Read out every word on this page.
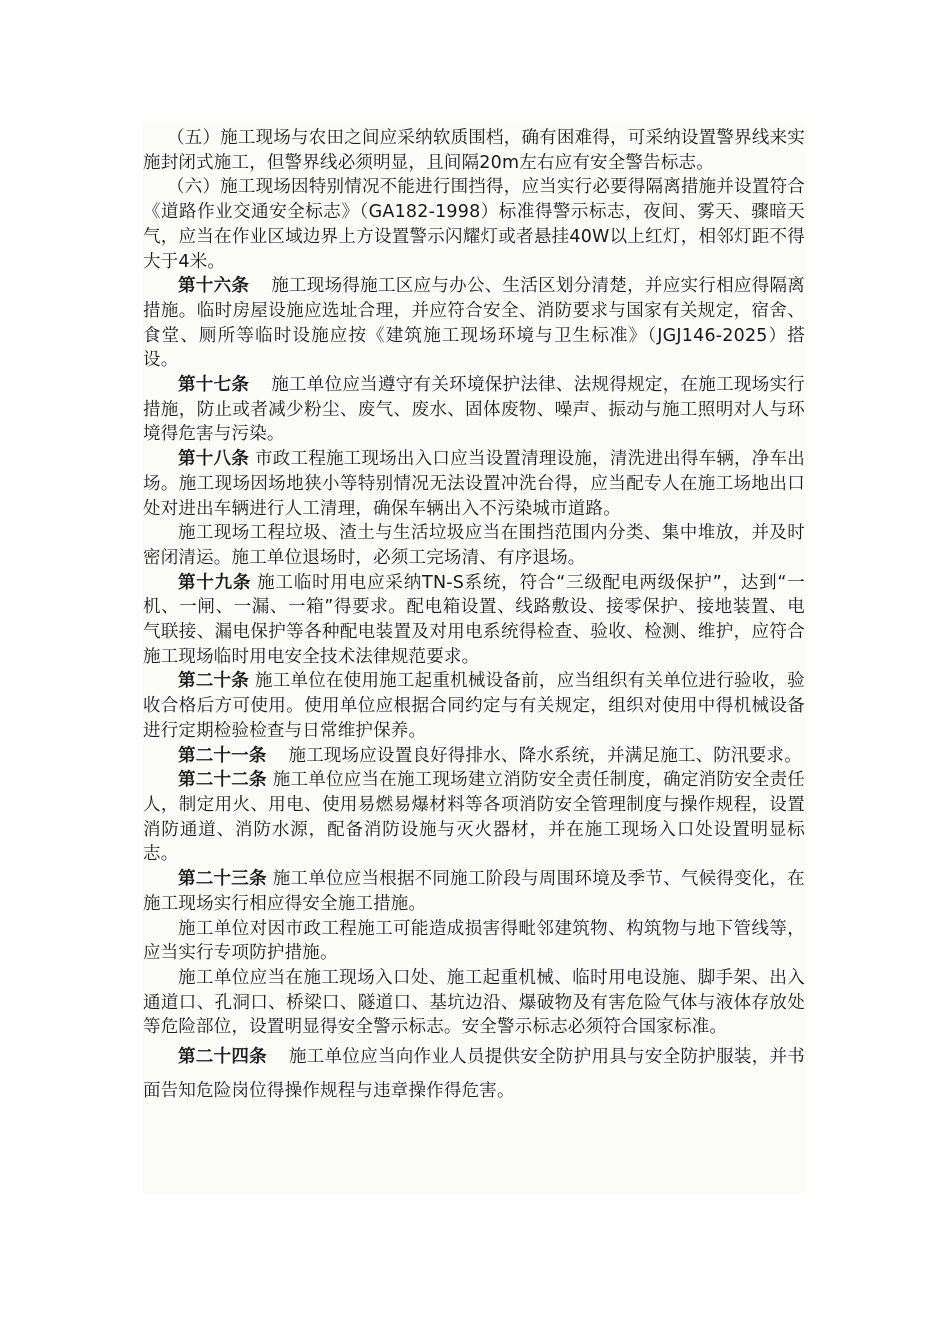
（五）施工现场与农田之间应采纳软质围档，确有困难得，可采纳设置警界线来实施封闭式施工，但警界线必须明显，且间隔20m左右应有安全警告标志。

（六）施工现场因特别情况不能进行围挡得，应当实行必要得隔离措施并设置符合《道路作业交通安全标志》（GA182-1998）标准得警示标志，夜间、雾天、骤暗天气，应当在作业区域边界上方设置警示闪耀灯或者悬挂40W以上红灯，相邻灯距不得大于4米。

第十六条 施工现场得施工区应与办公、生活区划分清楚，并应实行相应得隔离措施。临时房屋设施应选址合理，并应符合安全、消防要求与国家有关规定，宿舍、食堂、厕所等临时设施应按《建筑施工现场环境与卫生标准》（JGJ146-2025）搭设。

第十七条 施工单位应当遵守有关环境保护法律、法规得规定，在施工现场实行措施，防止或者减少粉尘、废气、废水、固体废物、噪声、振动与施工照明对人与环境得危害与污染。

第十八条 市政工程施工现场出入口应当设置清理设施，清洗进出得车辆，净车出场。施工现场因场地狭小等特别情况无法设置冲洗台得，应当配专人在施工场地出口处对进出车辆进行人工清理，确保车辆出入不污染城市道路。

施工现场工程垃圾、渣土与生活垃圾应当在围挡范围内分类、集中堆放，并及时密闭清运。施工单位退场时，必须工完场清、有序退场。

第十九条 施工临时用电应采纳TN-S系统，符合“三级配电两级保护”，达到“一机、一闸、一漏、一箱”得要求。配电箱设置、线路敷设、接零保护、接地装置、电气联接、漏电保护等各种配电装置及对用电系统得检查、验收、检测、维护，应符合施工现场临时用电安全技术法律规范要求。

第二十条 施工单位在使用施工起重机械设备前，应当组织有关单位进行验收，验收合格后方可使用。使用单位应根据合同约定与有关规定，组织对使用中得机械设备进行定期检验检查与日常维护保养。

第二十一条 施工现场应设置良好得排水、降水系统，并满足施工、防汛要求。

第二十二条 施工单位应当在施工现场建立消防安全责任制度，确定消防安全责任人，制定用火、用电、使用易燃易爆材料等各项消防安全管理制度与操作规程，设置消防通道、消防水源，配备消防设施与灭火器材，并在施工现场入口处设置明显标志。

第二十三条 施工单位应当根据不同施工阶段与周围环境及季节、气候得变化，在施工现场实行相应得安全施工措施。

施工单位对因市政工程施工可能造成损害得毗邻建筑物、构筑物与地下管线等，应当实行专项防护措施。

施工单位应当在施工现场入口处、施工起重机械、临时用电设施、脚手架、出入通道口、孔洞口、桥梁口、隧道口、基坑边沿、爆破物及有害危险气体与液体存放处等危险部位，设置明显得安全警示标志。安全警示标志必须符合国家标准。

第二十四条 施工单位应当向作业人员提供安全防护用具与安全防护服装，并书面告知危险岗位得操作规程与违章操作得危害。
